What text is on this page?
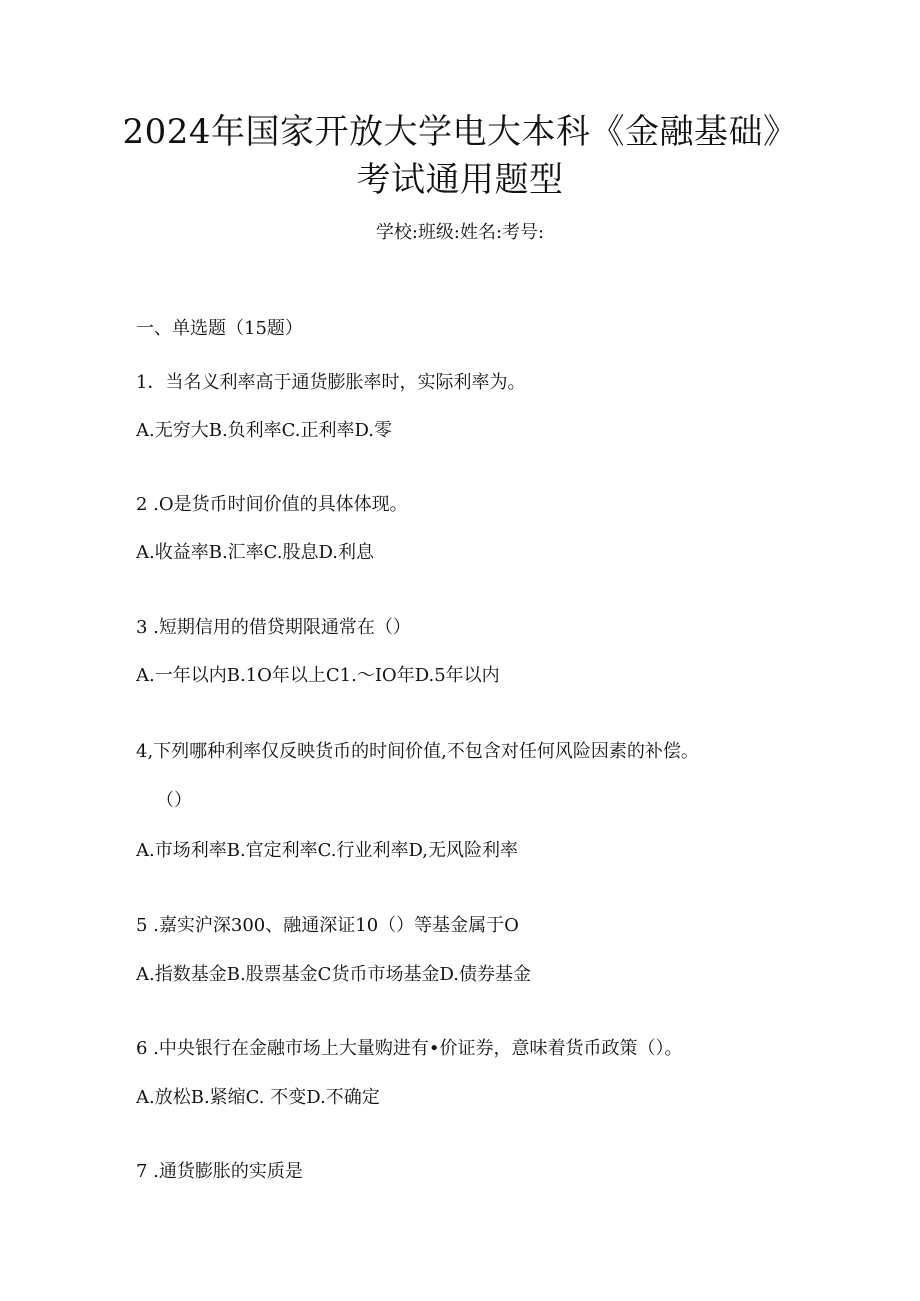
2024年国家开放大学电大本科《金融基础》
考试通用题型
学校:班级:姓名:考号:
一、单选题（15题）
1．当名义利率高于通货膨胀率时，实际利率为。
A.无穷大B.负利率C.正利率D.零
2 .O是货币时间价值的具体体现。
A.收益率B.汇率C.股息D.利息
3 .短期信用的借贷期限通常在（）
A.一年以内B.1O年以上C1.～IO年D.5年以内
4,下列哪种利率仅反映货币的时间价值,不包含对任何风险因素的补偿。
（）
A.市场利率B.官定利率C.行业利率D,无风险利率
5 .嘉实沪深300、融通深证10（）等基金属于O
A.指数基金B.股票基金C货币市场基金D.债券基金
6 .中央银行在金融市场上大量购进有•价证券，意味着货币政策（）。
A.放松B.紧缩C. 不变D.不确定
7 .通货膨胀的实质是
